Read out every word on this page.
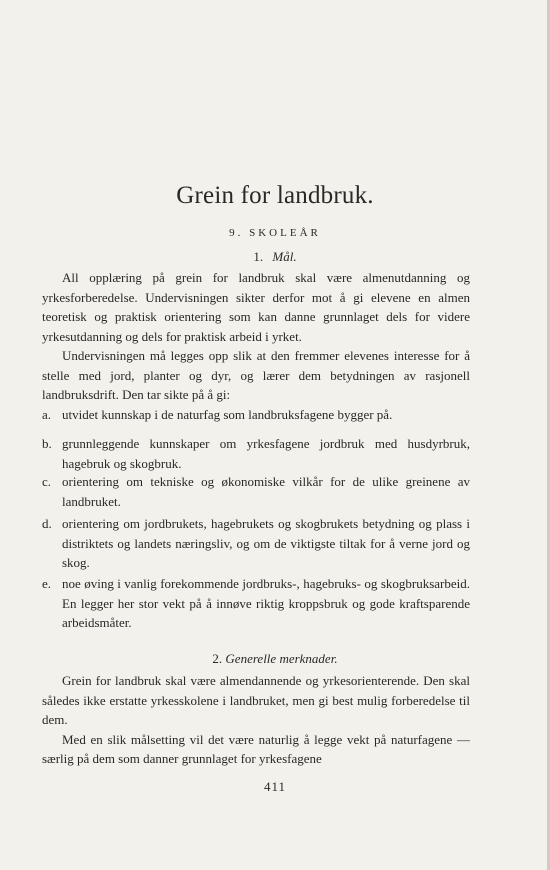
Grein for landbruk.
9. SKOLEÅR
1. Mål.

All opplæring på grein for landbruk skal være almenutdanning og yrkesforberedelse. Undervisningen sikter derfor mot å gi elevene en almen teoretisk og praktisk orientering som kan danne grunnlaget dels for videre yrkesutdanning og dels for praktisk arbeid i yrket.

Undervisningen må legges opp slik at den fremmer elevenes interesse for å stelle med jord, planter og dyr, og lærer dem betydningen av rasjonell landbruksdrift. Den tar sikte på å gi:

a. utvidet kunnskap i de naturfag som landbruksfagene bygger på.
b. grunnleggende kunnskaper om yrkesfagene jordbruk med husdyrbruk, hagebruk og skogbruk.
c. orientering om tekniske og økonomiske vilkår for de ulike greinene av landbruket.
d. orientering om jordbrukets, hagebrukets og skogbrukets betydning og plass i distriktets og landets næringsliv, og om de viktigste tiltak for å verne jord og skog.
e. noe øving i vanlig forekommende jordbruks-, hagebruks- og skogbruksarbeid. En legger her stor vekt på å innøve riktig kroppsbruk og gode kraftsparende arbeidsmåter.
2. Generelle merknader.

Grein for landbruk skal være almendannende og yrkesorienterende. Den skal således ikke erstatte yrkesskolene i landbruket, men gi best mulig forberedelse til dem.

Med en slik målsetting vil det være naturlig å legge vekt på naturfagene — særlig på dem som danner grunnlaget for yrkesfagene

411
